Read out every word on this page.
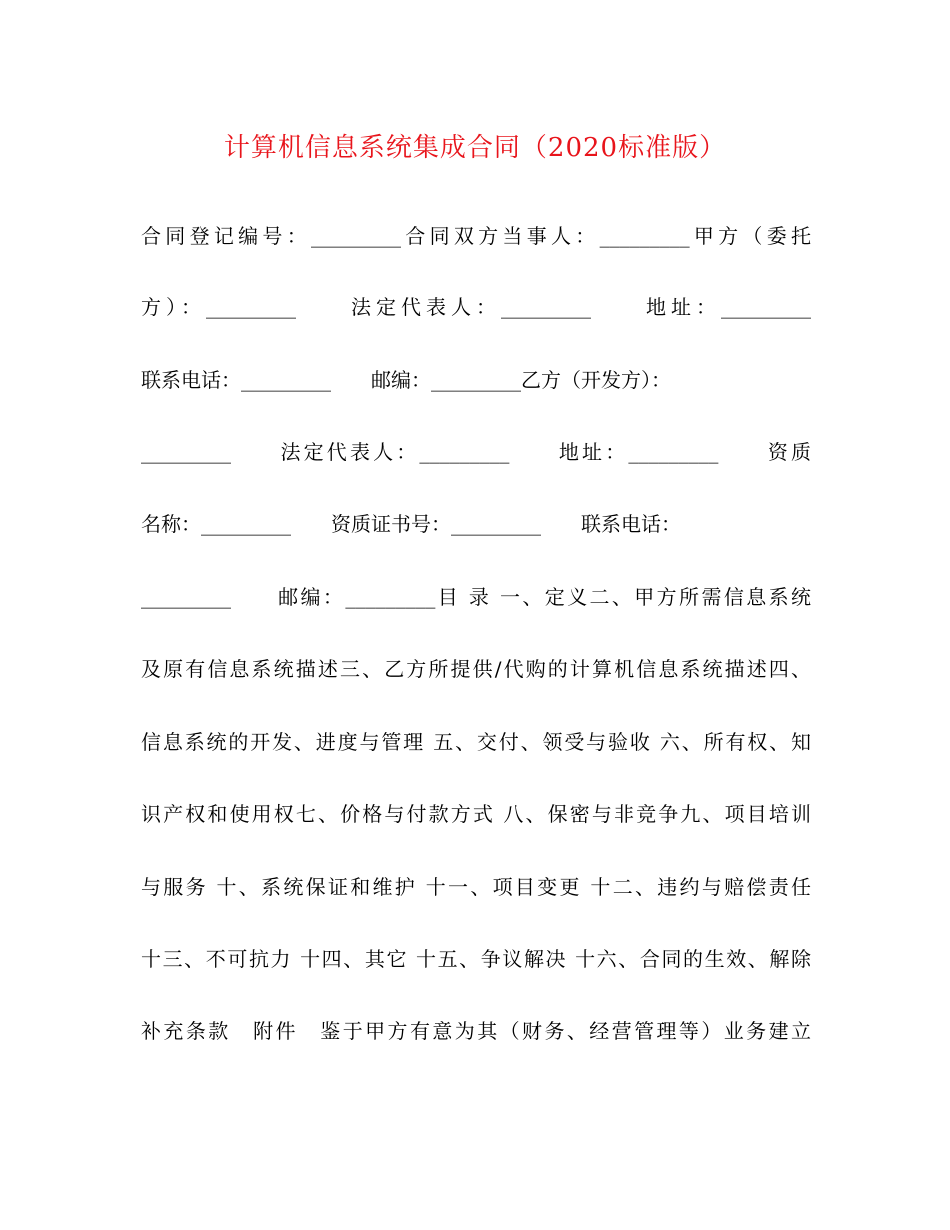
计算机信息系统集成合同（2020标准版）
合同登记编号：_________合同双方当事人：_________甲方（委托
方）：_________　　法定代表人：_________　　地址：_________
联系电话：_________　　邮编：_________乙方（开发方）：
_________　　法定代表人：_________　　地址：_________　　资质
名称：_________　　资质证书号：_________　　联系电话：
_________　　邮编：_________目 录 一、定义二、甲方所需信息系统
及原有信息系统描述三、乙方所提供/代购的计算机信息系统描述四、
信息系统的开发、进度与管理 五、交付、领受与验收 六、所有权、知
识产权和使用权七、价格与付款方式 八、保密与非竞争九、项目培训
与服务 十、系统保证和维护 十一、项目变更 十二、违约与赔偿责任
十三、不可抗力 十四、其它 十五、争议解决 十六、合同的生效、解除
补充条款　附件　鉴于甲方有意为其（财务、经营管理等）业务建立
